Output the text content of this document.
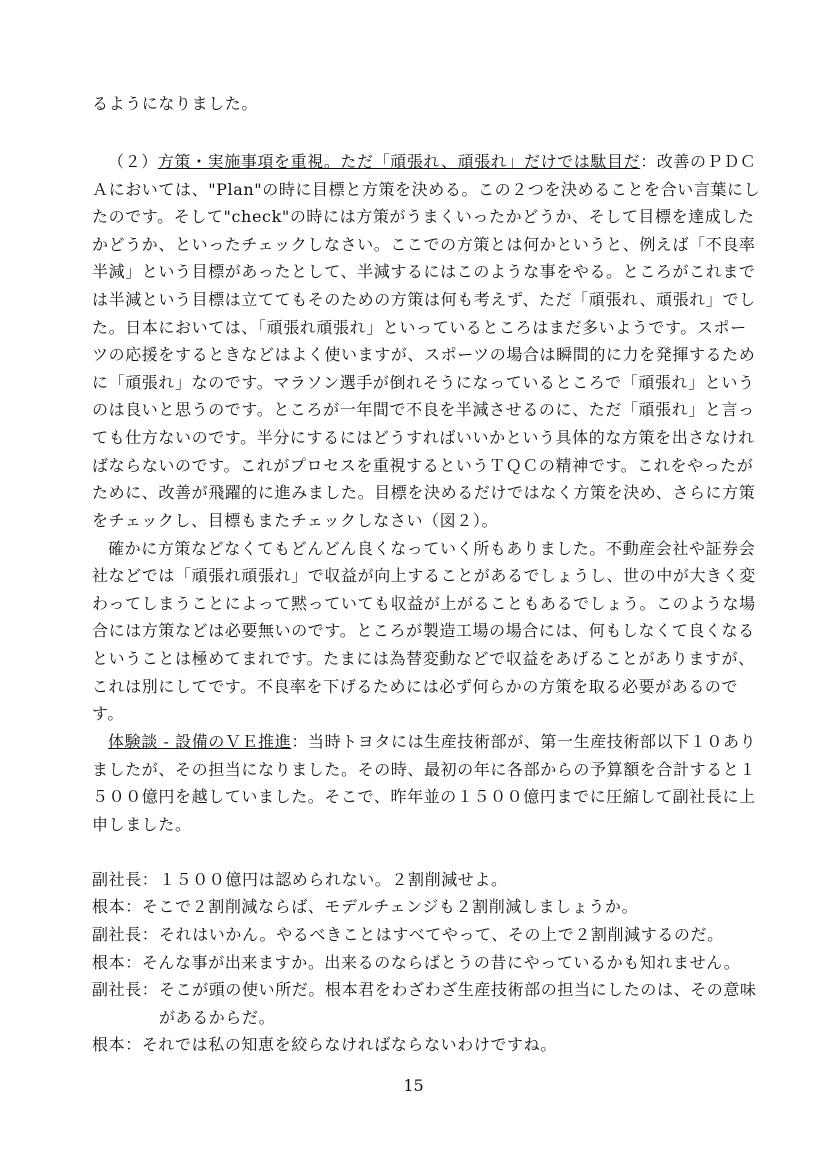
るようになりました。
（２）方策・実施事項を重視。ただ「頑張れ、頑張れ」だけでは駄目だ：改善のＰＤＣ
Ａにおいては、"Plan"の時に目標と方策を決める。この２つを決めることを合い言葉にし
たのです。そして"check"の時には方策がうまくいったかどうか、そして目標を達成した
かどうか、といったチェックしなさい。ここでの方策とは何かというと、例えば「不良率
半減」という目標があったとして、半減するにはこのような事をやる。ところがこれまで
は半減という目標は立ててもそのための方策は何も考えず、ただ「頑張れ、頑張れ」でし
た。日本においては、「頑張れ頑張れ」といっているところはまだ多いようです。スポー
ツの応援をするときなどはよく使いますが、スポーツの場合は瞬間的に力を発揮するため
に「頑張れ」なのです。マラソン選手が倒れそうになっているところで「頑張れ」という
のは良いと思うのです。ところが一年間で不良を半減させるのに、ただ「頑張れ」と言っ
ても仕方ないのです。半分にするにはどうすればいいかという具体的な方策を出さなけれ
ばならないのです。これがプロセスを重視するというＴＱＣの精神です。これをやったが
ために、改善が飛躍的に進みました。目標を決めるだけではなく方策を決め、さらに方策
をチェックし、目標もまたチェックしなさい（図２）。
確かに方策などなくてもどんどん良くなっていく所もありました。不動産会社や証券会
社などでは「頑張れ頑張れ」で収益が向上することがあるでしょうし、世の中が大きく変
わってしまうことによって黙っていても収益が上がることもあるでしょう。このような場
合には方策などは必要無いのです。ところが製造工場の場合には、何もしなくて良くなる
ということは極めてまれです。たまには為替変動などで収益をあげることがありますが、
これは別にしてです。不良率を下げるためには必ず何らかの方策を取る必要があるので
す。
体験談 - 設備のＶＥ推進：当時トヨタには生産技術部が、第一生産技術部以下１０あり
ましたが、その担当になりました。その時、最初の年に各部からの予算額を合計すると１
５００億円を越していました。そこで、昨年並の１５００億円までに圧縮して副社長に上
申しました。
副社長：１５００億円は認められない。２割削減せよ。
根本：そこで２割削減ならば、モデルチェンジも２割削減しましょうか。
副社長：それはいかん。やるべきことはすべてやって、その上で２割削減するのだ。
根本：そんな事が出来ますか。出来るのならばとうの昔にやっているかも知れません。
副社長：そこが頭の使い所だ。根本君をわざわざ生産技術部の担当にしたのは、その意味
があるからだ。
根本：それでは私の知恵を絞らなければならないわけですね。
15
